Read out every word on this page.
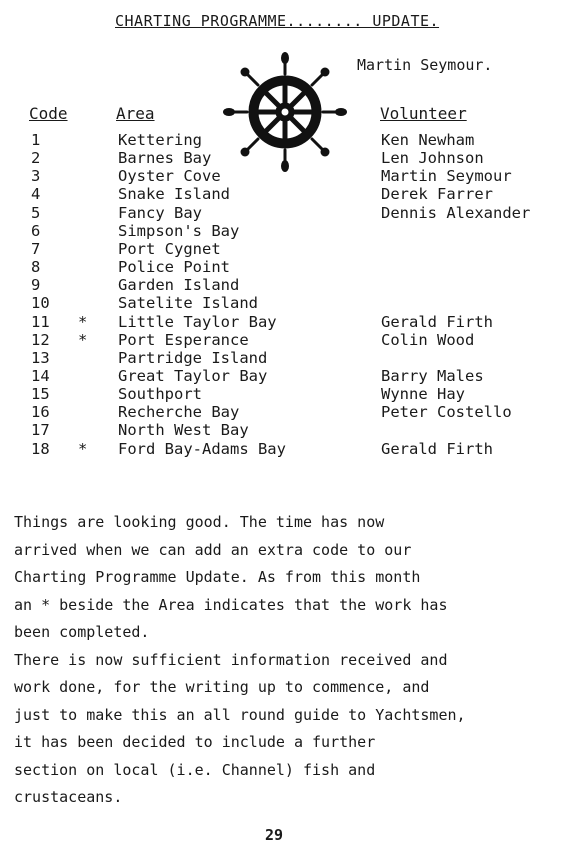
CHARTING PROGRAMME........ UPDATE.
Martin Seymour.
Code	Area	Volunteer
1	Kettering	Ken Newham
2	Barnes Bay	Len Johnson
3	Oyster Cove	Martin Seymour
4	Snake Island	Derek Farrer
5	Fancy Bay	Dennis Alexander
6	Simpson's Bay
7	Port Cygnet
8	Police Point
9	Garden Island
10	Satelite Island
11 * Little Taylor Bay	Gerald Firth
12 * Port Esperance	Colin Wood
13	Partridge Island
14	Great Taylor Bay	Barry Males
15	Southport	Wynne Hay
16	Recherche Bay	Peter Costello
17	North West Bay
18 * Ford Bay-Adams Bay	Gerald Firth
Things are looking good. The time has now
arrived when we can add an extra code to our
Charting Programme Update. As from this month
an * beside the Area indicates that the work has
been completed.
There is now sufficient information received and
work done, for the writing up to commence, and
just to make this an all round guide to Yachtsmen,
it has been decided to include a further
section on local (i.e. Channel) fish and
crustaceans.
29
